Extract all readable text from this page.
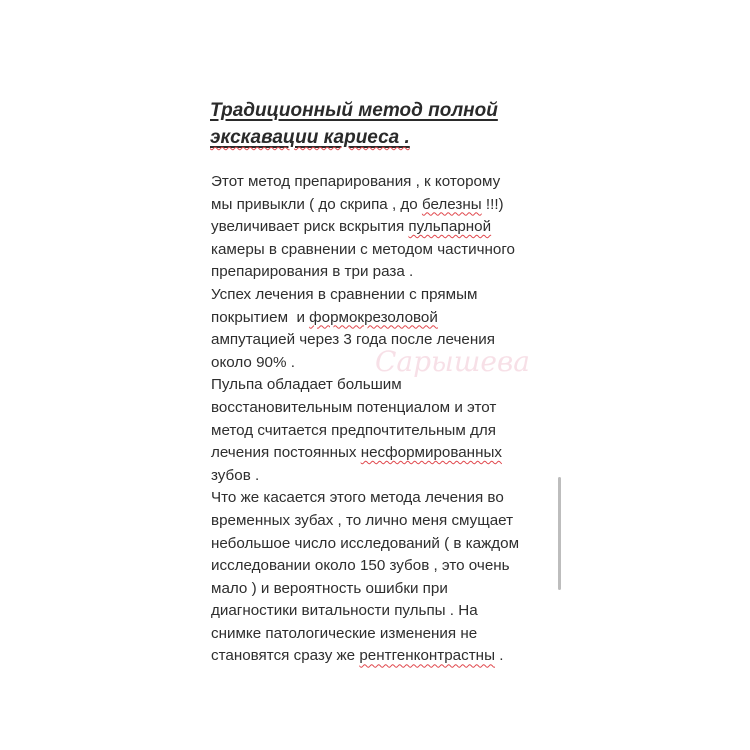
Традиционный метод полной
экскавации кариеса .
Сарышева
Этот метод препарирования , к которому
мы привыкли ( до скрипа , до белезны !!!)
увеличивает риск вскрытия пульпарной
камеры в сравнении с методом частичного
препарирования в три раза .
Успех лечения в сравнении с прямым
покрытием  и формокрезоловой
ампутацией через 3 года после лечения
около 90% .
Пульпа обладает большим
восстановительным потенциалом и этот
метод считается предпочтительным для
лечения постоянных несформированных
зубов .
Что же касается этого метода лечения во
временных зубах , то лично меня смущает
небольшое число исследований ( в каждом
исследовании около 150 зубов , это очень
мало ) и вероятность ошибки при
диагностики витальности пульпы . На
снимке патологические изменения не
становятся сразу же рентгенконтрастны .
